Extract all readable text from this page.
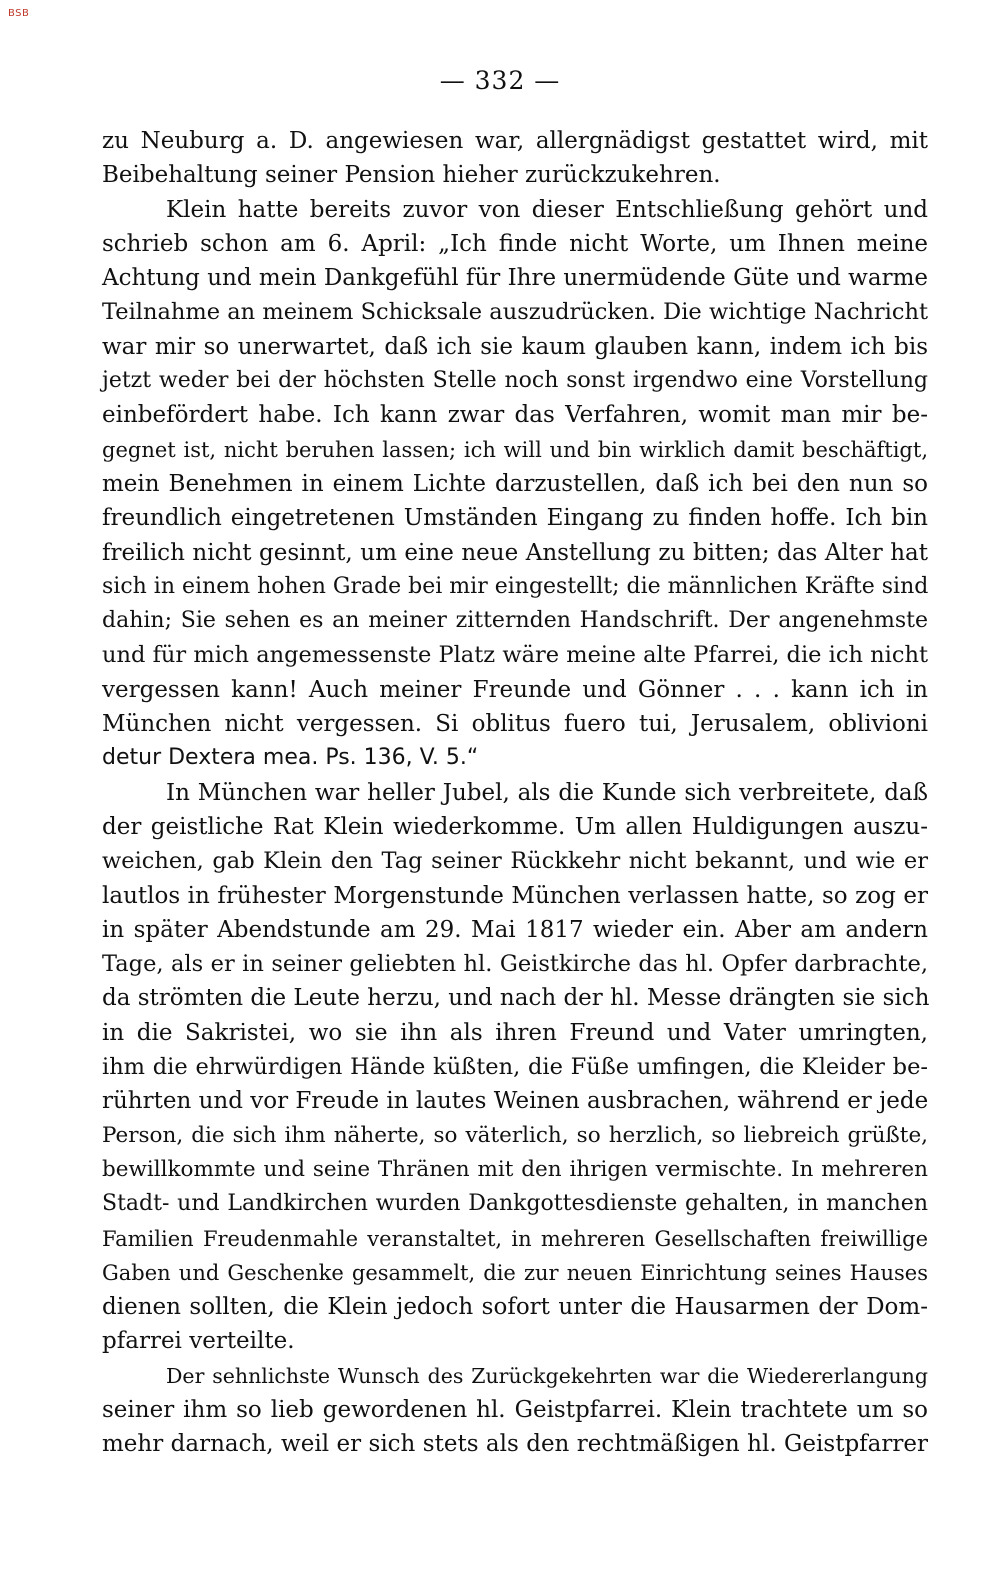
BSB
— 332 —
zu Neuburg a. D. angewiesen war, allergnädigst gestattet wird, mit
Beibehaltung seiner Pension hieher zurückzukehren.
Klein hatte bereits zuvor von dieser Entschließung gehört und
schrieb schon am 6. April: „Ich finde nicht Worte, um Ihnen meine
Achtung und mein Dankgefühl für Ihre unermüdende Güte und warme
Teilnahme an meinem Schicksale auszudrücken. Die wichtige Nachricht
war mir so unerwartet, daß ich sie kaum glauben kann, indem ich bis
jetzt weder bei der höchsten Stelle noch sonst irgendwo eine Vorstellung
einbefördert habe. Ich kann zwar das Verfahren, womit man mir be-
gegnet ist, nicht beruhen lassen; ich will und bin wirklich damit beschäftigt,
mein Benehmen in einem Lichte darzustellen, daß ich bei den nun so
freundlich eingetretenen Umständen Eingang zu finden hoffe. Ich bin
freilich nicht gesinnt, um eine neue Anstellung zu bitten; das Alter hat
sich in einem hohen Grade bei mir eingestellt; die männlichen Kräfte sind
dahin; Sie sehen es an meiner zitternden Handschrift. Der angenehmste
und für mich angemessenste Platz wäre meine alte Pfarrei, die ich nicht
vergessen kann! Auch meiner Freunde und Gönner . . . kann ich in
München nicht vergessen. Si oblitus fuero tui, Jerusalem, oblivioni
detur Dextera mea. Ps. 136, V. 5.“
In München war heller Jubel, als die Kunde sich verbreitete, daß
der geistliche Rat Klein wiederkomme. Um allen Huldigungen auszu-
weichen, gab Klein den Tag seiner Rückkehr nicht bekannt, und wie er
lautlos in frühester Morgenstunde München verlassen hatte, so zog er
in später Abendstunde am 29. Mai 1817 wieder ein. Aber am andern
Tage, als er in seiner geliebten hl. Geistkirche das hl. Opfer darbrachte,
da strömten die Leute herzu, und nach der hl. Messe drängten sie sich
in die Sakristei, wo sie ihn als ihren Freund und Vater umringten,
ihm die ehrwürdigen Hände küßten, die Füße umfingen, die Kleider be-
rührten und vor Freude in lautes Weinen ausbrachen, während er jede
Person, die sich ihm näherte, so väterlich, so herzlich, so liebreich grüßte,
bewillkommte und seine Thränen mit den ihrigen vermischte. In mehreren
Stadt- und Landkirchen wurden Dankgottesdienste gehalten, in manchen
Familien Freudenmahle veranstaltet, in mehreren Gesellschaften freiwillige
Gaben und Geschenke gesammelt, die zur neuen Einrichtung seines Hauses
dienen sollten, die Klein jedoch sofort unter die Hausarmen der Dom-
pfarrei verteilte.
Der sehnlichste Wunsch des Zurückgekehrten war die Wiedererlangung
seiner ihm so lieb gewordenen hl. Geistpfarrei. Klein trachtete um so
mehr darnach, weil er sich stets als den rechtmäßigen hl. Geistpfarrer
